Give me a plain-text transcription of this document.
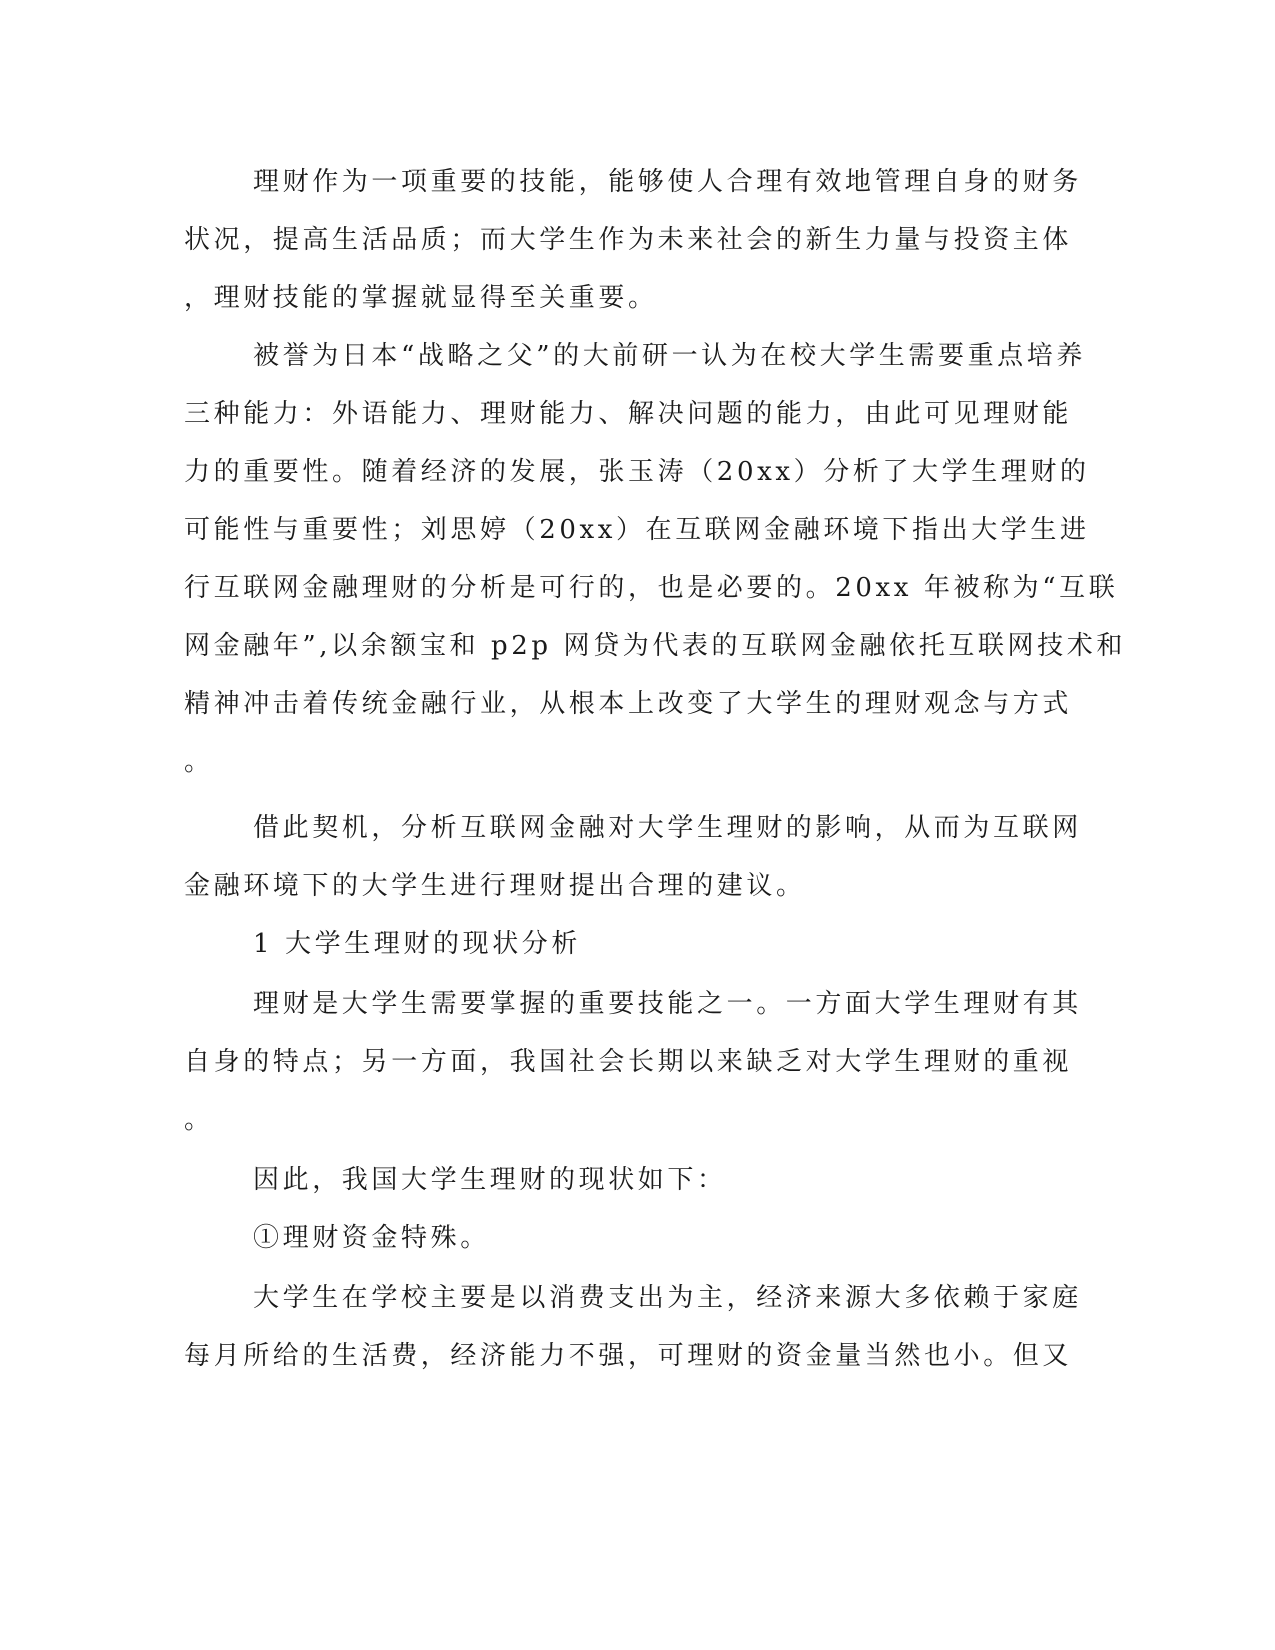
理财作为一项重要的技能，能够使人合理有效地管理自身的财务

状况，提高生活品质；而大学生作为未来社会的新生力量与投资主体

，理财技能的掌握就显得至关重要。

被誉为日本“战略之父”的大前研一认为在校大学生需要重点培养

三种能力：外语能力、理财能力、解决问题的能力，由此可见理财能

力的重要性。随着经济的发展，张玉涛（20xx）分析了大学生理财的

可能性与重要性；刘思婷（20xx）在互联网金融环境下指出大学生进

行互联网金融理财的分析是可行的，也是必要的。20xx 年被称为“互联

网金融年”,以余额宝和 p2p 网贷为代表的互联网金融依托互联网技术和

精神冲击着传统金融行业，从根本上改变了大学生的理财观念与方式

。

借此契机，分析互联网金融对大学生理财的影响，从而为互联网

金融环境下的大学生进行理财提出合理的建议。

1 大学生理财的现状分析

理财是大学生需要掌握的重要技能之一。一方面大学生理财有其

自身的特点；另一方面，我国社会长期以来缺乏对大学生理财的重视

。

因此，我国大学生理财的现状如下：

①理财资金特殊。

大学生在学校主要是以消费支出为主，经济来源大多依赖于家庭

每月所给的生活费，经济能力不强，可理财的资金量当然也小。但又
